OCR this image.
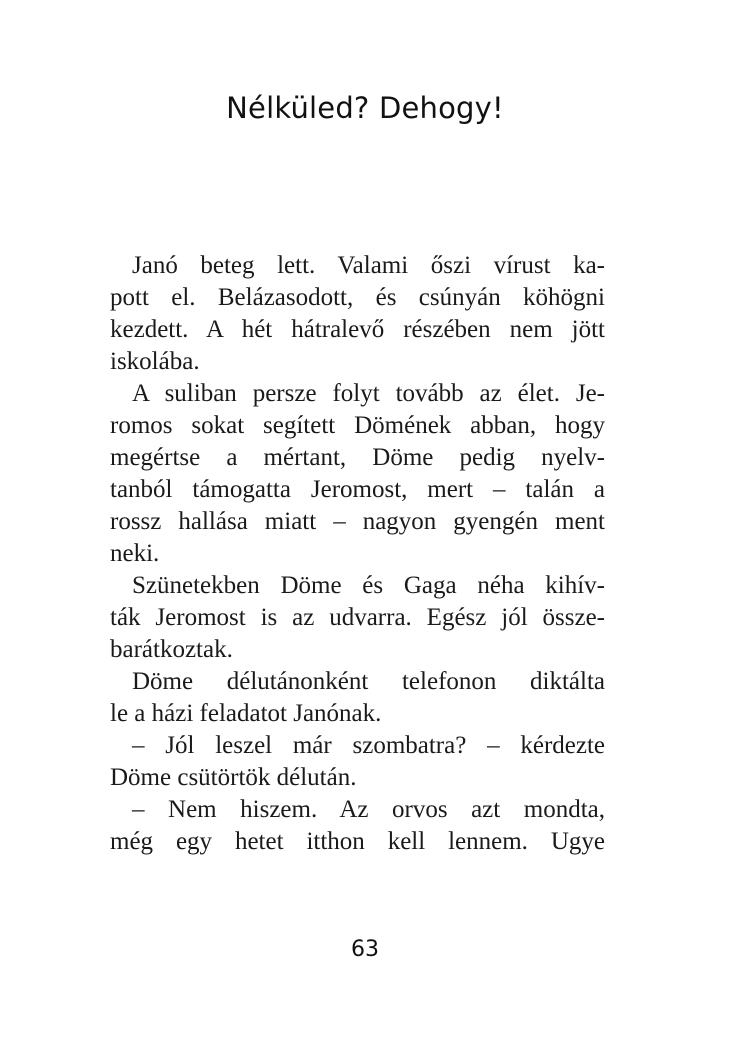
Nélküled? Dehogy!
Janó beteg lett. Valami őszi vírust ka-
pott el. Belázasodott, és csúnyán köhögni
kezdett. A hét hátralevő részében nem jött
iskolába.
A suliban persze folyt tovább az élet. Je-
romos sokat segített Dömének abban, hogy
megértse a mértant, Döme pedig nyelv-
tanból támogatta Jeromost, mert – talán a
rossz hallása miatt – nagyon gyengén ment
neki.
Szünetekben Döme és Gaga néha kihív-
ták Jeromost is az udvarra. Egész jól össze-
barátkoztak.
Döme délutánonként telefonon diktálta
le a házi feladatot Janónak.
– Jól leszel már szombatra? – kérdezte
Döme csütörtök délután.
– Nem hiszem. Az orvos azt mondta,
még egy hetet itthon kell lennem. Ugye
63
